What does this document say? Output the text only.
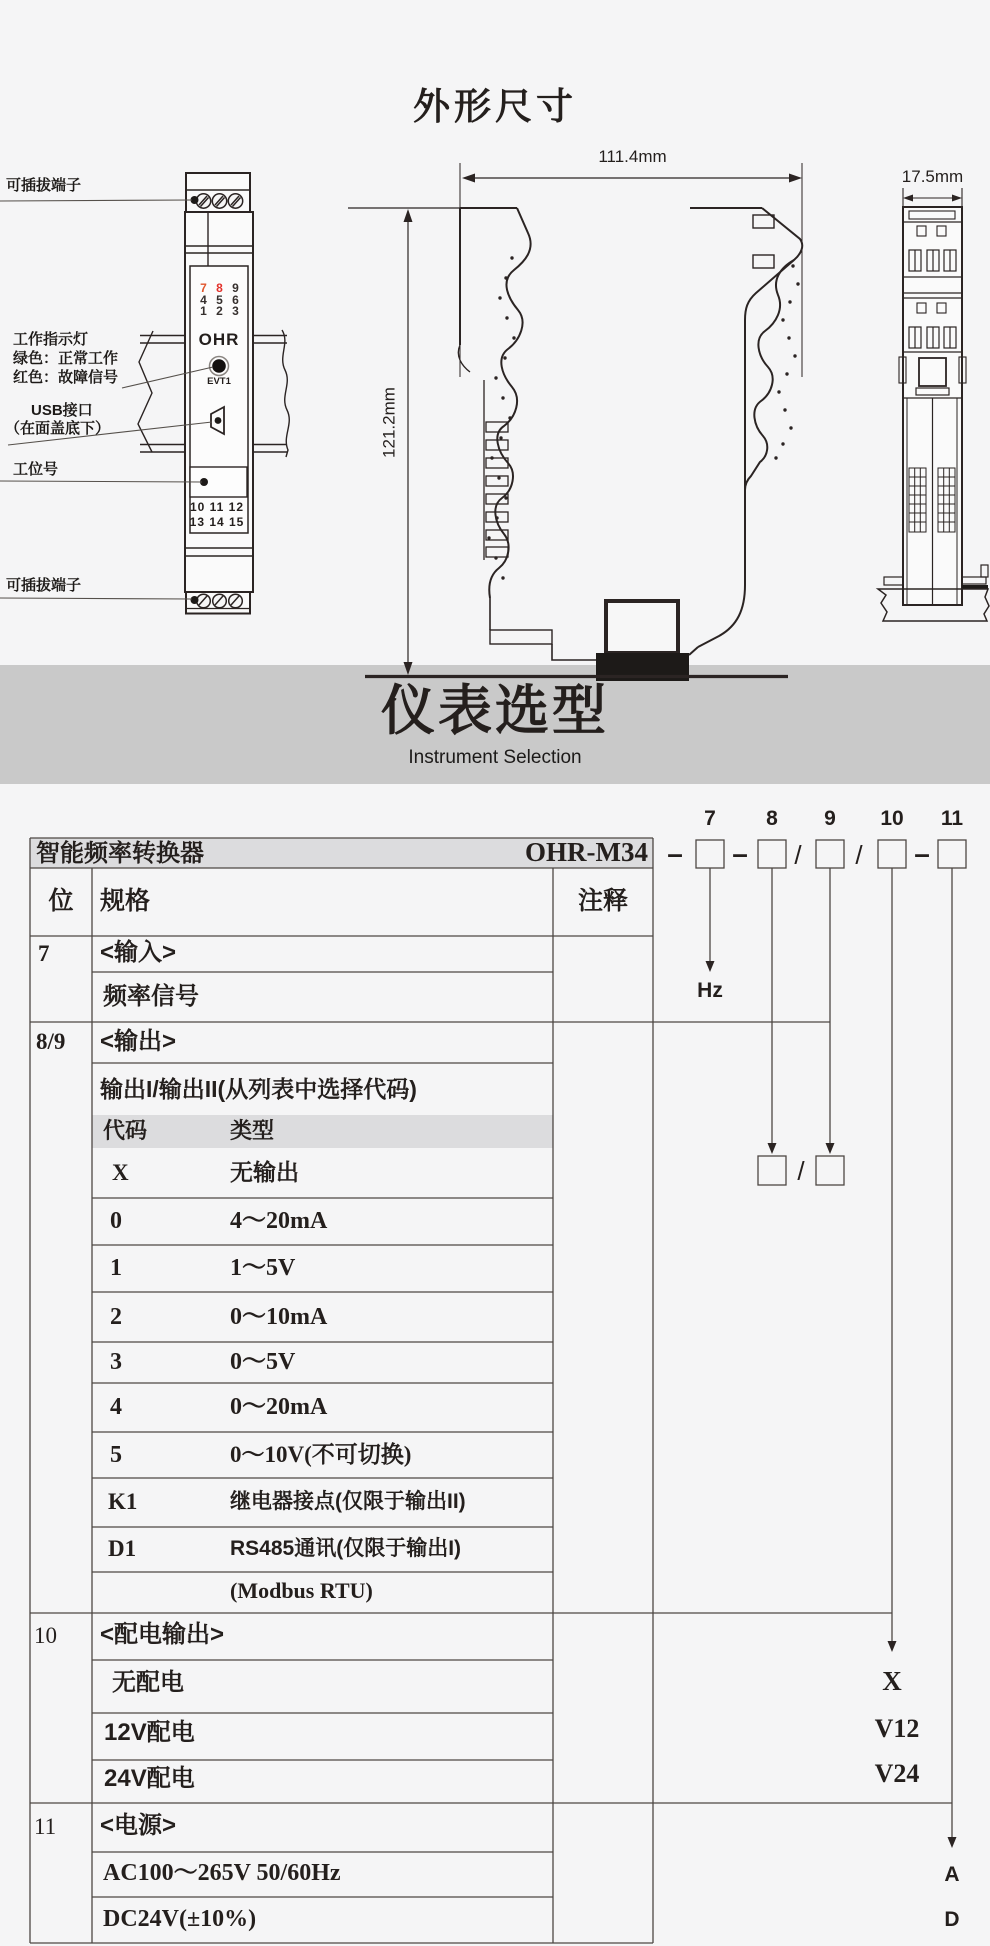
外形尺寸
111.4mm
121.2mm
17.5mm
可插拔端子
工作指示灯
绿色：正常工作
红色：故障信号
USB接口
（在面盖底下）
工位号
可插拔端子
7 8 9
4 5 6
1 2 3
OHR
EVT1
10 11 12
13 14 15
仪表选型
Instrument Selection
智能频率转换器	OHR-M34
7	8	9	10 11
– –	/	/ –
/
位	规格	注释
7 <输入>
频率信号
8/9 <输出>
输出I/输出II(从列表中选择代码)
代码	类型
X	无输出
0	4～20mA
1	1～5V
2	0～10mA
3	0～5V
4	0～20mA
5	0～10V(不可切换)
K1	继电器接点(仅限于输出II)
D1	RS485通讯(仅限于输出I)
(Modbus RTU)
10 <配电输出>
无配电
12V配电
24V配电
11 <电源>
AC100～265V 50/60Hz
DC24V(±10%)
Hz
X
V12
V24
A
D
